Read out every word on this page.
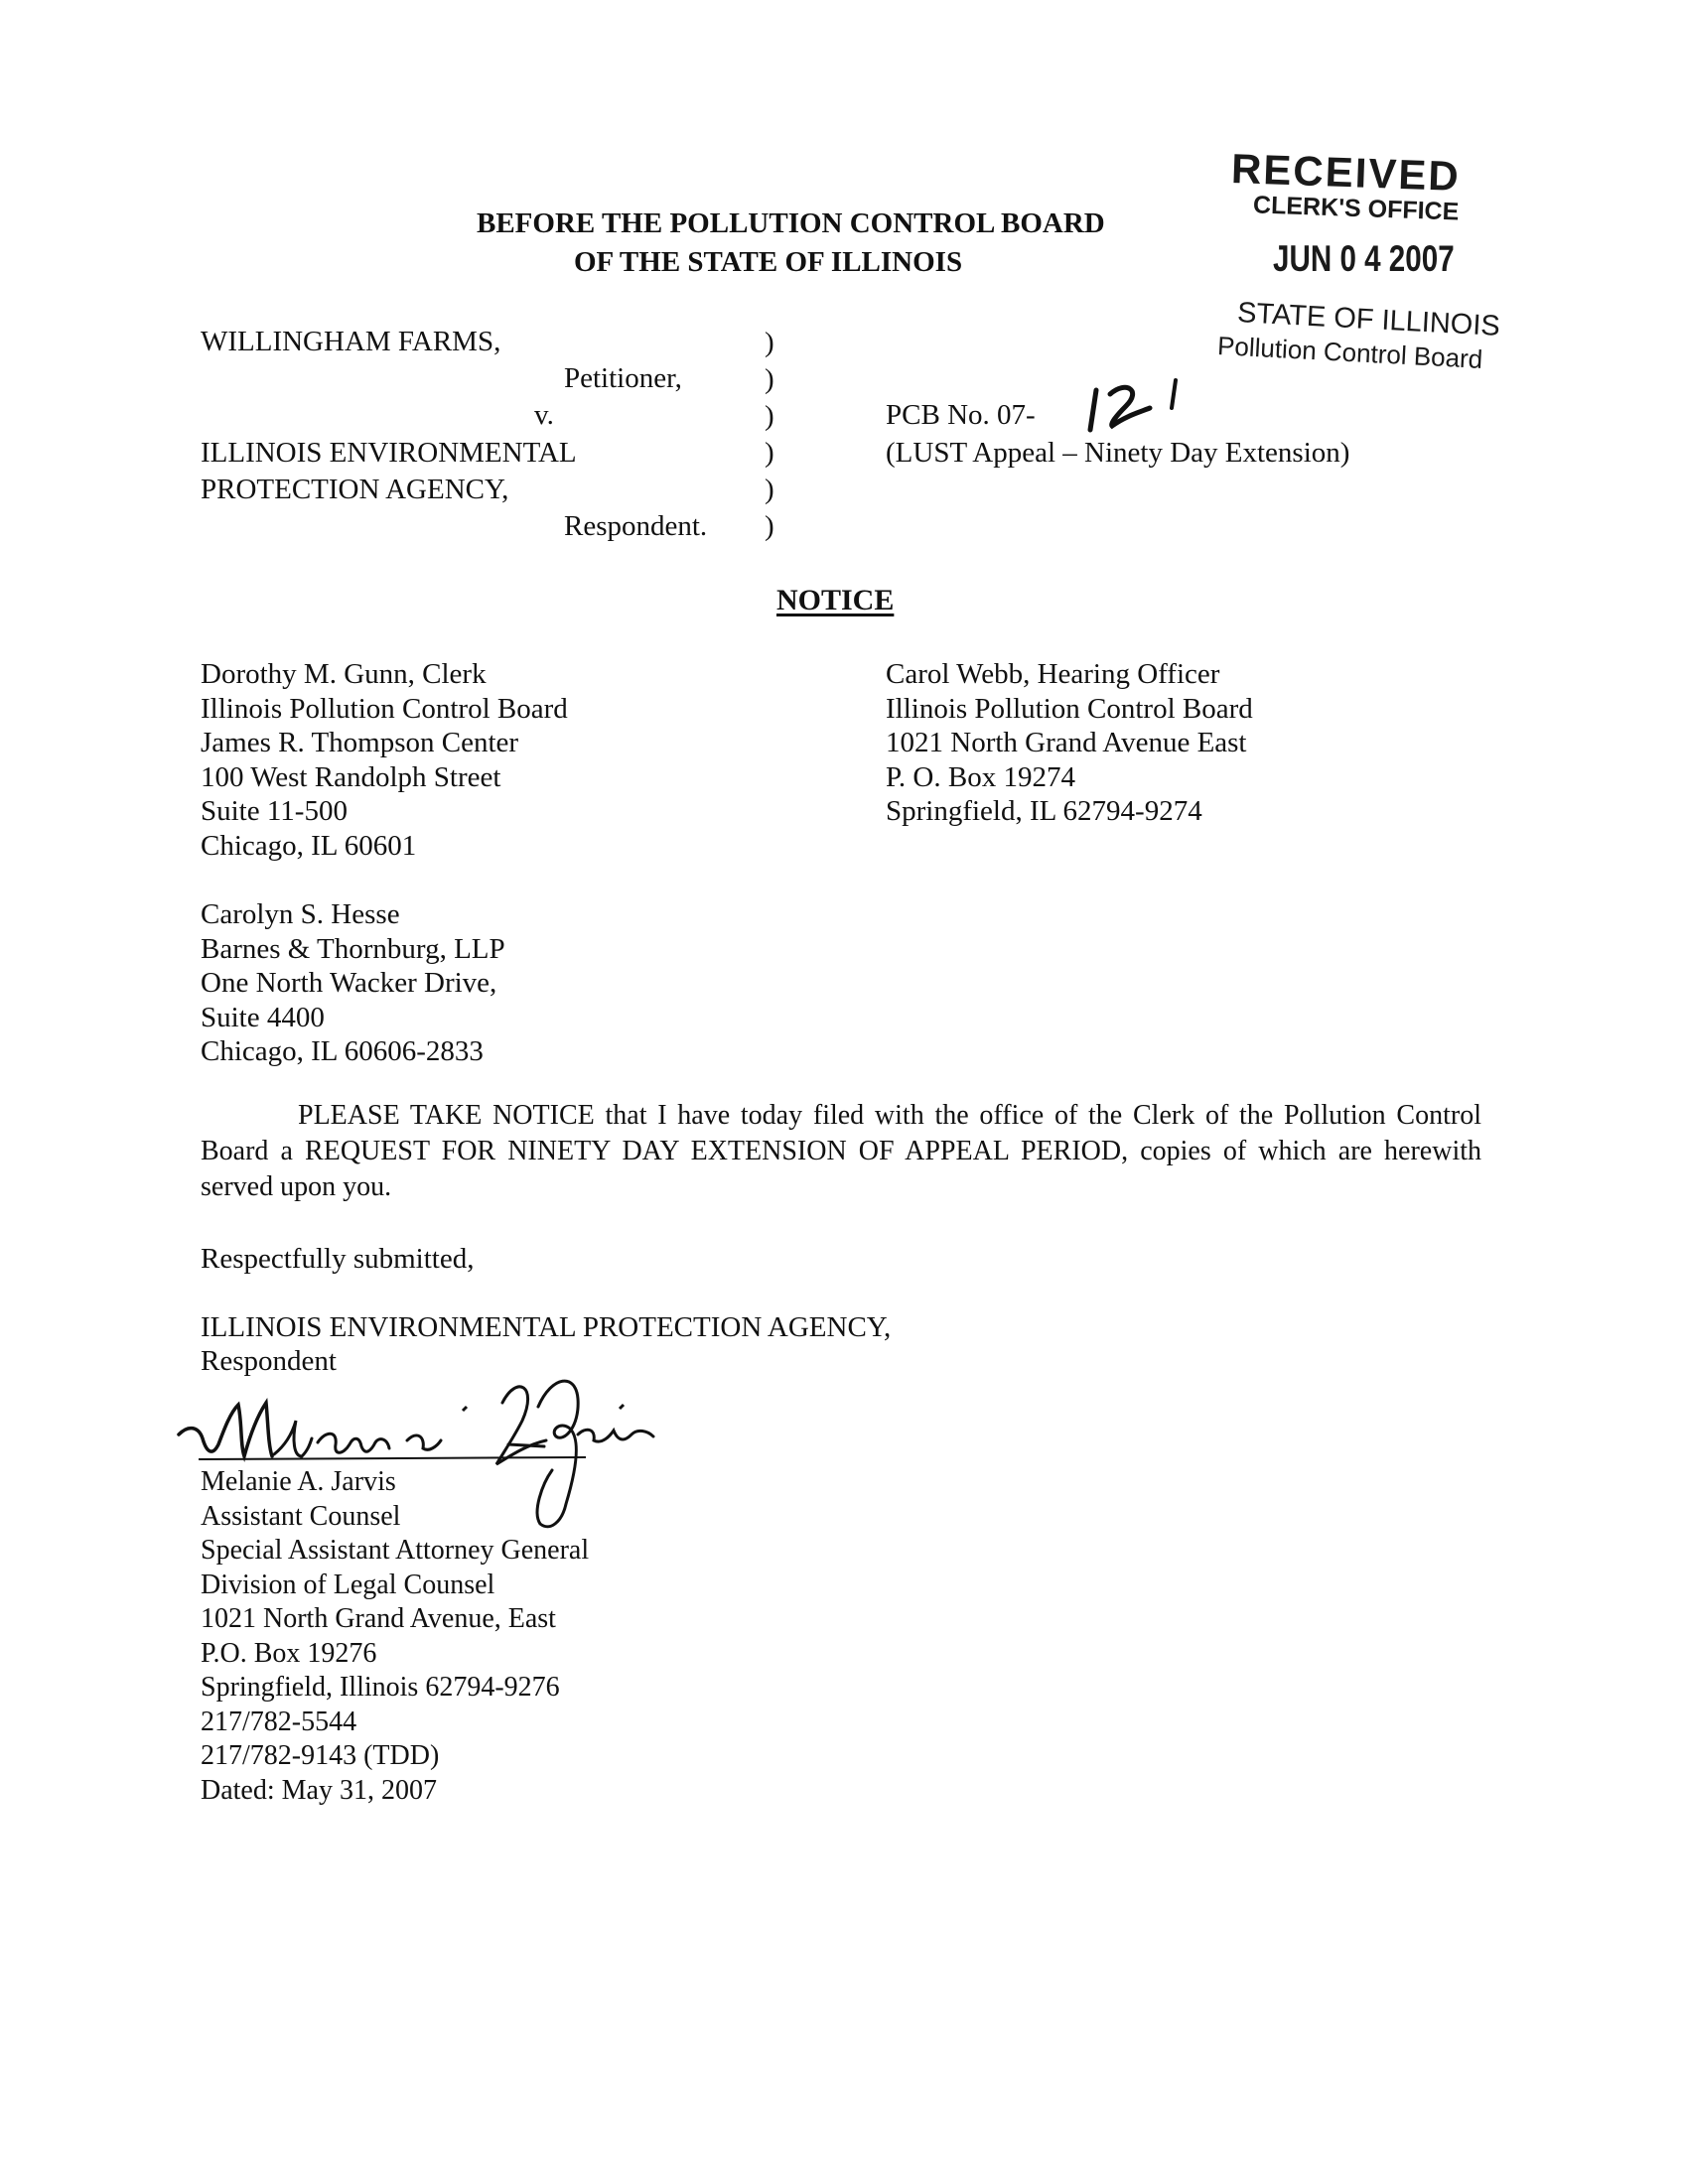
RECEIVED
CLERK'S OFFICE
JUN 0 4 2007
STATE OF ILLINOIS
Pollution Control Board
BEFORE THE POLLUTION CONTROL BOARD
OF THE STATE OF ILLINOIS
WILLINGHAM FARMS,
Petitioner,
v.
ILLINOIS ENVIRONMENTAL
PROTECTION AGENCY,
Respondent.
)
)
)
)
)
)
PCB No. 07-
(LUST Appeal – Ninety Day Extension)
NOTICE
Dorothy M. Gunn, Clerk
Illinois Pollution Control Board
James R. Thompson Center
100 West Randolph Street
Suite 11-500
Chicago, IL 60601
Carolyn S. Hesse
Barnes & Thornburg, LLP
One North Wacker Drive,
Suite 4400
Chicago, IL 60606-2833
Carol Webb, Hearing Officer
Illinois Pollution Control Board
1021 North Grand Avenue East
P. O. Box 19274
Springfield, IL 62794-9274
PLEASE TAKE NOTICE that I have today filed with the office of the Clerk of the Pollution Control Board a REQUEST FOR NINETY DAY EXTENSION OF APPEAL PERIOD, copies of which are herewith served upon you.
Respectfully submitted,
ILLINOIS ENVIRONMENTAL PROTECTION AGENCY,
Respondent
Melanie A. Jarvis
Assistant Counsel
Special Assistant Attorney General
Division of Legal Counsel
1021 North Grand Avenue, East
P.O. Box 19276
Springfield, Illinois 62794-9276
217/782-5544
217/782-9143 (TDD)
Dated: May 31, 2007
